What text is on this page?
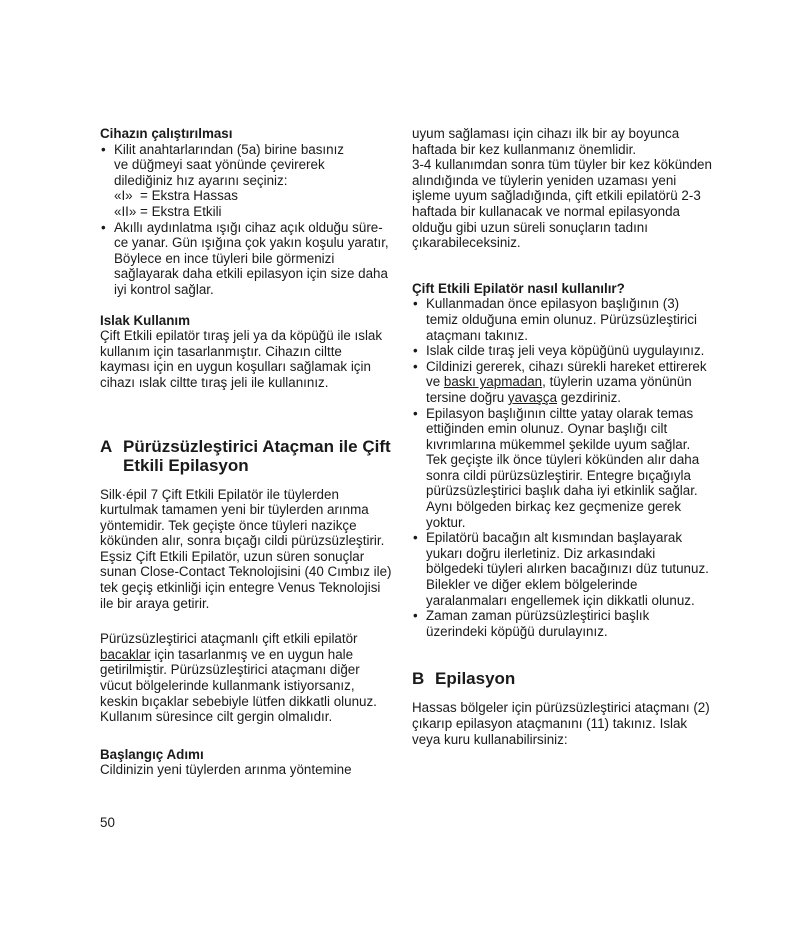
Cihazın çalıştırılması

• Kilit anahtarlarından (5a) birine basınız
ve düğmeyi saat yönünde çevirerek
dilediğiniz hız ayarını seçiniz:
«I»  = Ekstra Hassas
«II» = Ekstra Etkili
• Akıllı aydınlatma ışığı cihaz açık olduğu sürece yanar. Gün ışığına çok yakın koşulu yaratır, Böylece en ince tüyleri bile görmenizi sağlayarak daha etkili epilasyon için size daha iyi kontrol sağlar.

Islak Kullanım

Çift Etkili epilatör tıraş jeli ya da köpüğü ile ıslak kullanım için tasarlanmıştır. Cihazın ciltte kayması için en uygun koşulları sağlamak için cihazı ıslak ciltte tıraş jeli ile kullanınız.

A Pürüzsüzleştirici Ataçman ile Çift Etkili Epilasyon

Silk·épil 7 Çift Etkili Epilatör ile tüylerden kurtulmak tamamen yeni bir tüylerden arınma yöntemidir. Tek geçişte önce tüyleri nazikçe kökünden alır, sonra bıçağı cildi pürüzsüzleştirir. Eşsiz Çift Etkili Epilatör, uzun süren sonuçlar sunan Close-Contact Teknolojisini (40 Cımbız ile) tek geçiş etkinliği için entegre Venus Teknolojisi ile bir araya getirir.

Pürüzsüzleştirici ataçmanlı çift etkili epilatör bacaklar için tasarlanmış ve en uygun hale getirilmiştir. Pürüzsüzleştirici ataçmanı diğer vücut bölgelerinde kullanmank istiyorsanız, keskin bıçaklar sebebiyle lütfen dikkatli olunuz. Kullanım süresince cilt gergin olmalıdır.

Başlangıç Adımı

Cildinizin yeni tüylerden arınma yöntemine

uyum sağlaması için cihazı ilk bir ay boyunca haftada bir kez kullanmanız önemlidir.

3-4 kullanımdan sonra tüm tüyler bir kez kökünden alındığında ve tüylerin yeniden uzaması yeni işleme uyum sağladığında, çift etkili epilatörü 2-3 haftada bir kullanacak ve normal epilasyonda olduğu gibi uzun süreli sonuçların tadını çıkarabileceksiniz.

Çift Etkili Epilatör nasıl kullanılır?

• Kullanmadan önce epilasyon başlığının (3) temiz olduğuna emin olunuz. Pürüzsüzleştirici ataçmanı takınız.
• Islak cilde tıraş jeli veya köpüğünü uygulayınız.
• Cildinizi gererek, cihazı sürekli hareket ettirerek ve baskı yapmadan, tüylerin uzama yönünün tersine doğru yavaşça gezdiriniz.
• Epilasyon başlığının ciltte yatay olarak temas ettiğinden emin olunuz. Oynar başlığı cilt kıvrımlarına mükemmel şekilde uyum sağlar. Tek geçişte ilk önce tüyleri kökünden alır daha sonra cildi pürüzsüzleştirir. Entegre bıçağıyla pürüzsüzleştirici başlık daha iyi etkinlik sağlar. Aynı bölgeden birkaç kez geçmenize gerek yoktur.
• Epilatörü bacağın alt kısmından başlayarak yukarı doğru ilerletiniz. Diz arkasındaki bölgedeki tüyleri alırken bacağınızı düz tutunuz. Bilekler ve diğer eklem bölgelerinde yaralanmaları engellemek için dikkatli olunuz.
• Zaman zaman pürüzsüzleştirici başlık üzerindeki köpüğü durulayınız.
B Epilasyon

Hassas bölgeler için pürüzsüzleştirici ataçmanı (2) çıkarıp epilasyon ataçmanını (11) takınız. Islak veya kuru kullanabilirsiniz:

50
